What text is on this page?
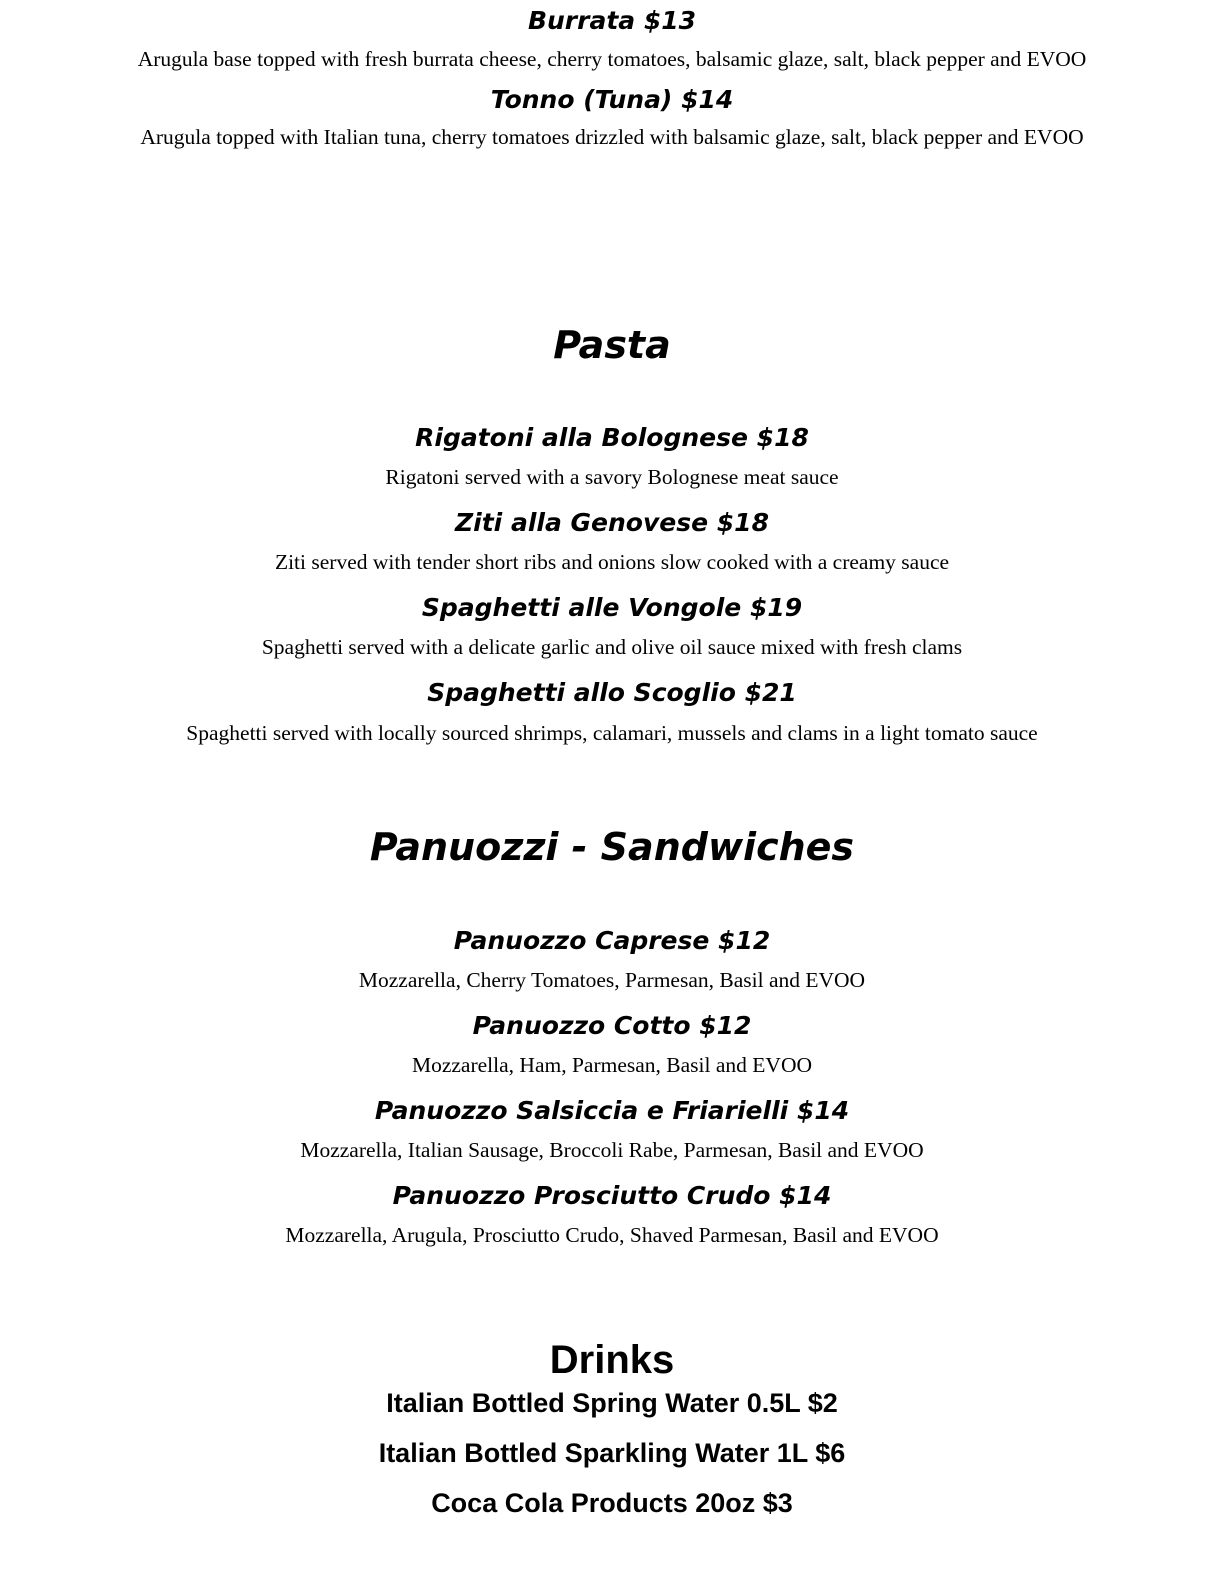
Burrata $13
Arugula base topped with fresh burrata cheese, cherry tomatoes, balsamic glaze, salt, black pepper and EVOO
Tonno (Tuna) $14
Arugula topped with Italian tuna, cherry tomatoes drizzled with balsamic glaze, salt, black pepper and EVOO
Pasta
Rigatoni alla Bolognese $18
Rigatoni served with a savory Bolognese meat sauce
Ziti alla Genovese $18
Ziti served with tender short ribs and onions slow cooked with a creamy sauce
Spaghetti alle Vongole $19
Spaghetti served with a delicate garlic and olive oil sauce mixed with fresh clams
Spaghetti allo Scoglio $21
Spaghetti served with locally sourced shrimps, calamari, mussels and clams in a light tomato sauce
Panuozzi - Sandwiches
Panuozzo Caprese $12
Mozzarella, Cherry Tomatoes, Parmesan, Basil and EVOO
Panuozzo Cotto $12
Mozzarella, Ham, Parmesan, Basil and EVOO
Panuozzo Salsiccia e Friarielli $14
Mozzarella, Italian Sausage, Broccoli Rabe, Parmesan, Basil and EVOO
Panuozzo Prosciutto Crudo $14
Mozzarella, Arugula, Prosciutto Crudo, Shaved Parmesan, Basil and EVOO
Drinks
Italian Bottled Spring Water 0.5L $2
Italian Bottled Sparkling Water 1L $6
Coca Cola Products 20oz $3
